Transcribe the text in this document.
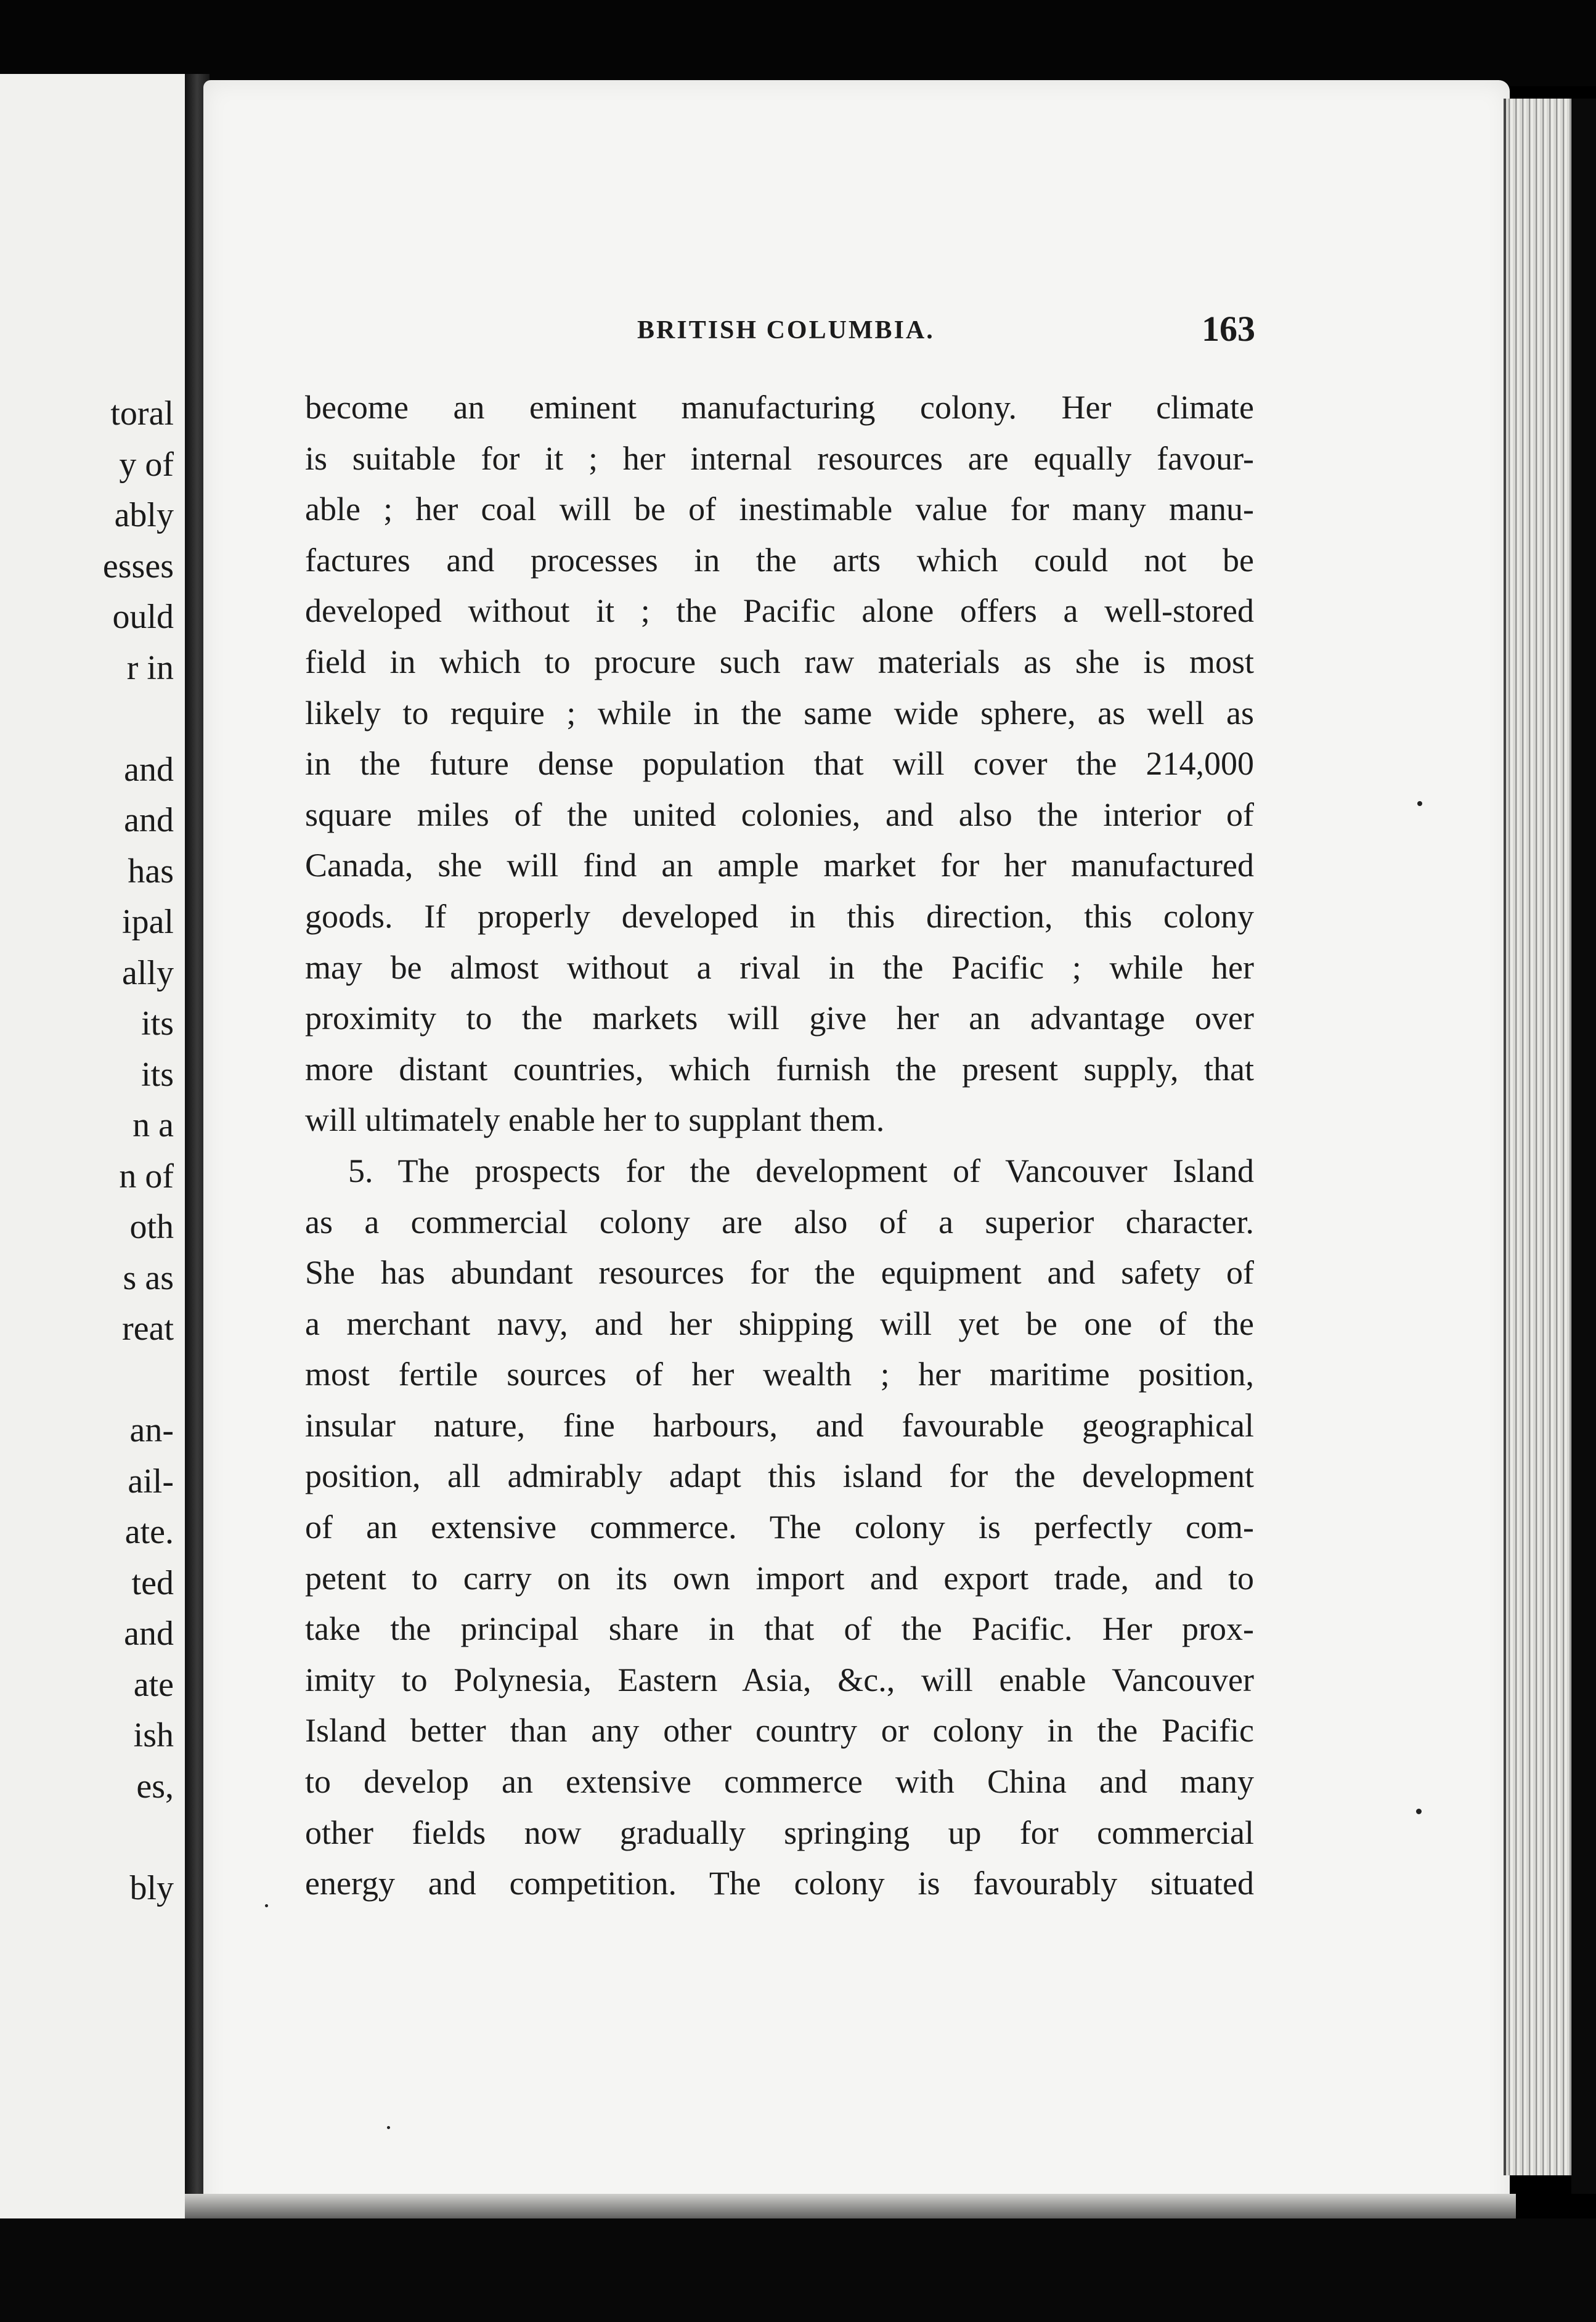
toral
y of
ably
esses
ould
r in
and
and
has
ipal
ally
its
its
n a
n of
oth
s as
reat
an-
ail-
ate.
ted
and
ate
ish
es,
bly
BRITISH COLUMBIA.	163
become an eminent manufacturing colony. Her climate
is suitable for it ; her internal resources are equally favour-
able ; her coal will be of inestimable value for many manu-
factures and processes in the arts which could not be
developed without it ; the Pacific alone offers a well-stored
field in which to procure such raw materials as she is most
likely to require ; while in the same wide sphere, as well as
in the future dense population that will cover the 214,000
square miles of the united colonies, and also the interior of
Canada, she will find an ample market for her manufactured
goods. If properly developed in this direction, this colony
may be almost without a rival in the Pacific ; while her
proximity to the markets will give her an advantage over
more distant countries, which furnish the present supply, that
will ultimately enable her to supplant them.
5. The prospects for the development of Vancouver Island
as a commercial colony are also of a superior character.
She has abundant resources for the equipment and safety of
a merchant navy, and her shipping will yet be one of the
most fertile sources of her wealth ; her maritime position,
insular nature, fine harbours, and favourable geographical
position, all admirably adapt this island for the development
of an extensive commerce. The colony is perfectly com-
petent to carry on its own import and export trade, and to
take the principal share in that of the Pacific. Her prox-
imity to Polynesia, Eastern Asia, &c., will enable Vancouver
Island better than any other country or colony in the Pacific
to develop an extensive commerce with China and many
other fields now gradually springing up for commercial
energy and competition. The colony is favourably situated
